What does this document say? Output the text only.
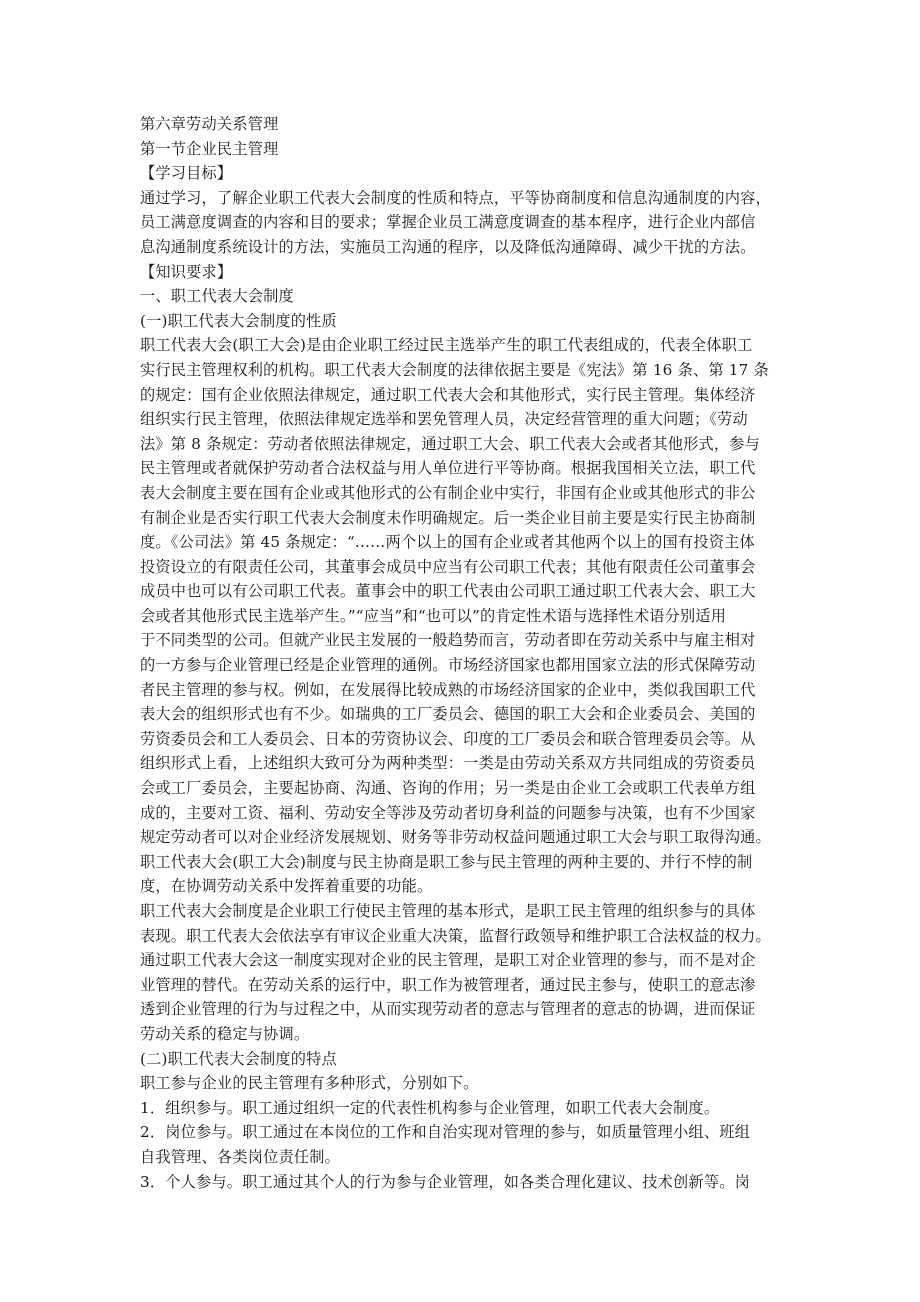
第六章劳动关系管理
第一节企业民主管理
【学习目标】
通过学习，了解企业职工代表大会制度的性质和特点，平等协商制度和信息沟通制度的内容，
员工满意度调查的内容和目的要求；掌握企业员工满意度调查的基本程序，进行企业内部信
息沟通制度系统设计的方法，实施员工沟通的程序，以及降低沟通障碍、减少干扰的方法。
【知识要求】
一、职工代表大会制度
(一)职工代表大会制度的性质
职工代表大会(职工大会)是由企业职工经过民主选举产生的职工代表组成的，代表全体职工
实行民主管理权利的机构。职工代表大会制度的法律依据主要是《宪法》第 16 条、第 17 条
的规定：国有企业依照法律规定，通过职工代表大会和其他形式，实行民主管理。集体经济
组织实行民主管理，依照法律规定选举和罢免管理人员，决定经营管理的重大问题；《劳动
法》第 8 条规定：劳动者依照法律规定，通过职工大会、职工代表大会或者其他形式，参与
民主管理或者就保护劳动者合法权益与用人单位进行平等协商。根据我国相关立法，职工代
表大会制度主要在国有企业或其他形式的公有制企业中实行，非国有企业或其他形式的非公
有制企业是否实行职工代表大会制度未作明确规定。后一类企业目前主要是实行民主协商制
度。《公司法》第 45 条规定：“……两个以上的国有企业或者其他两个以上的国有投资主体
投资设立的有限责任公司，其董事会成员中应当有公司职工代表；其他有限责任公司董事会
成员中也可以有公司职工代表。董事会中的职工代表由公司职工通过职工代表大会、职工大
会或者其他形式民主选举产生。”“应当”和“也可以”的肯定性术语与选择性术语分别适用
于不同类型的公司。但就产业民主发展的一般趋势而言，劳动者即在劳动关系中与雇主相对
的一方参与企业管理已经是企业管理的通例。市场经济国家也都用国家立法的形式保障劳动
者民主管理的参与权。例如，在发展得比较成熟的市场经济国家的企业中，类似我国职工代
表大会的组织形式也有不少。如瑞典的工厂委员会、德国的职工大会和企业委员会、美国的
劳资委员会和工人委员会、日本的劳资协议会、印度的工厂委员会和联合管理委员会等。从
组织形式上看，上述组织大致可分为两种类型：一类是由劳动关系双方共同组成的劳资委员
会或工厂委员会，主要起协商、沟通、咨询的作用；另一类是由企业工会或职工代表单方组
成的，主要对工资、福利、劳动安全等涉及劳动者切身利益的问题参与决策，也有不少国家
规定劳动者可以对企业经济发展规划、财务等非劳动权益问题通过职工大会与职工取得沟通。
职工代表大会(职工大会)制度与民主协商是职工参与民主管理的两种主要的、并行不悖的制
度，在协调劳动关系中发挥着重要的功能。
职工代表大会制度是企业职工行使民主管理的基本形式，是职工民主管理的组织参与的具体
表现。职工代表大会依法享有审议企业重大决策，监督行政领导和维护职工合法权益的权力。
通过职工代表大会这一制度实现对企业的民主管理，是职工对企业管理的参与，而不是对企
业管理的替代。在劳动关系的运行中，职工作为被管理者，通过民主参与，使职工的意志渗
透到企业管理的行为与过程之中，从而实现劳动者的意志与管理者的意志的协调，进而保证
劳动关系的稳定与协调。
(二)职工代表大会制度的特点
职工参与企业的民主管理有多种形式，分别如下。
1．组织参与。职工通过组织一定的代表性机构参与企业管理，如职工代表大会制度。
2．岗位参与。职工通过在本岗位的工作和自治实现对管理的参与，如质量管理小组、班组
自我管理、各类岗位责任制。
3．个人参与。职工通过其个人的行为参与企业管理，如各类合理化建议、技术创新等。岗
